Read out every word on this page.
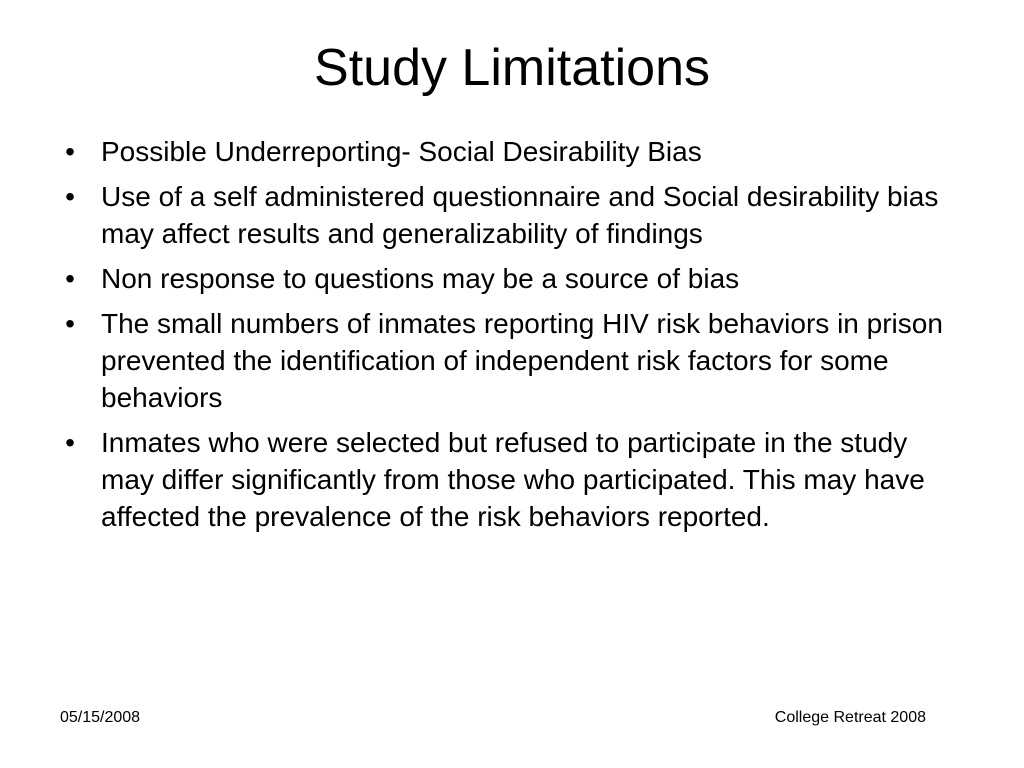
Study Limitations
• Possible Underreporting- Social Desirability Bias
• Use of a self administered questionnaire and Social desirability bias may affect results and generalizability of findings
• Non response to questions may be a source of bias
• The small numbers of inmates reporting HIV risk behaviors in prison prevented the identification of independent risk factors for some behaviors
• Inmates who were selected but refused to participate in the study may differ significantly from those who participated. This may have affected the prevalence of the risk behaviors reported.
05/15/2008	College Retreat 2008
